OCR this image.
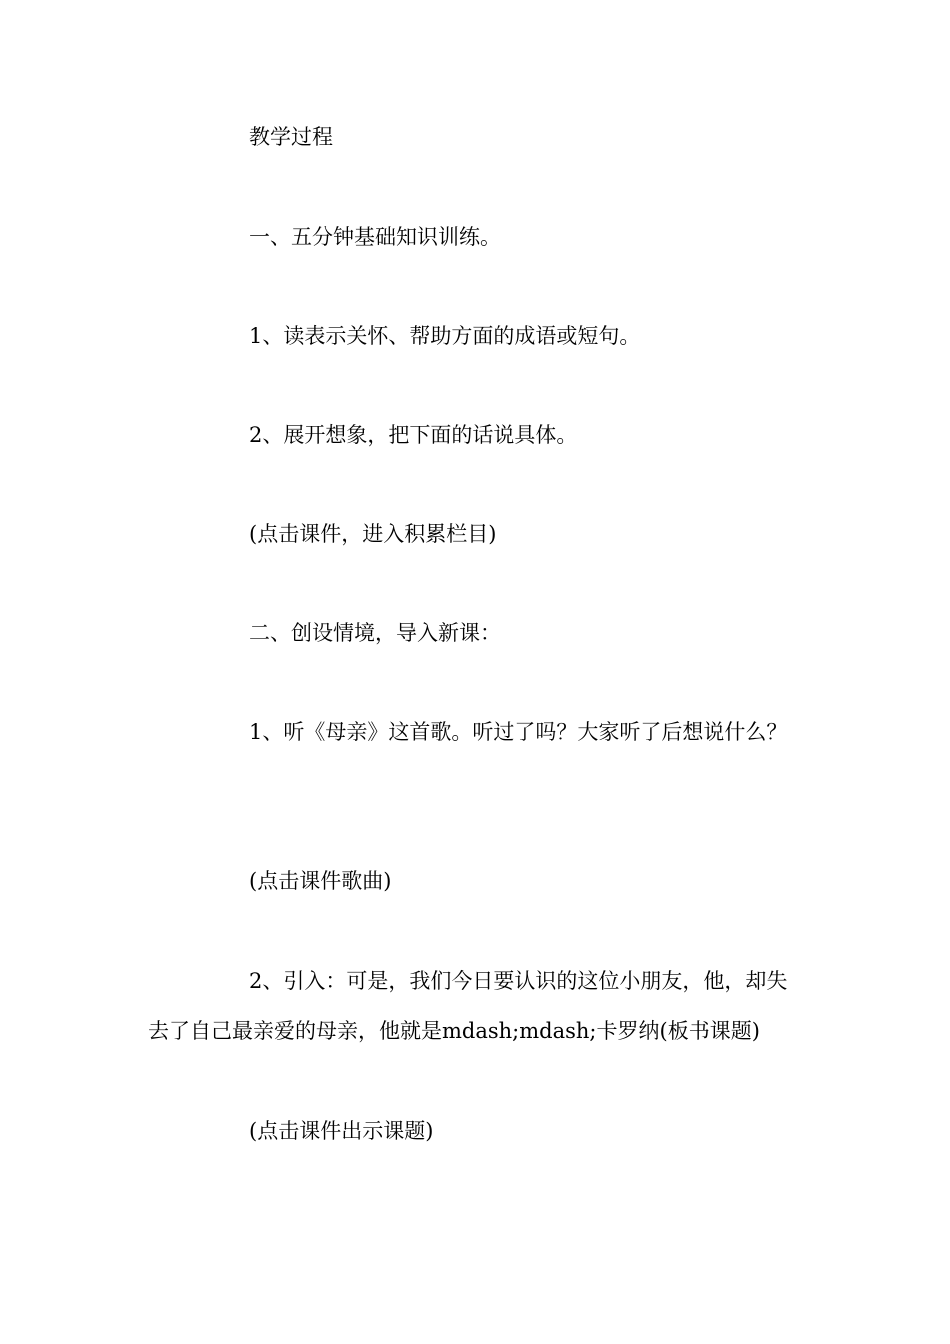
教学过程

一、五分钟基础知识训练。

1、读表示关怀、帮助方面的成语或短句。

2、展开想象，把下面的话说具体。

(点击课件，进入积累栏目)

二、创设情境，导入新课：

1、听《母亲》这首歌。听过了吗？大家听了后想说什么？

(点击课件歌曲)

2、引入：可是，我们今日要认识的这位小朋友，他，却失去了自己最亲爱的母亲，他就是mdash;mdash;卡罗纳(板书课题)

(点击课件出示课题)
